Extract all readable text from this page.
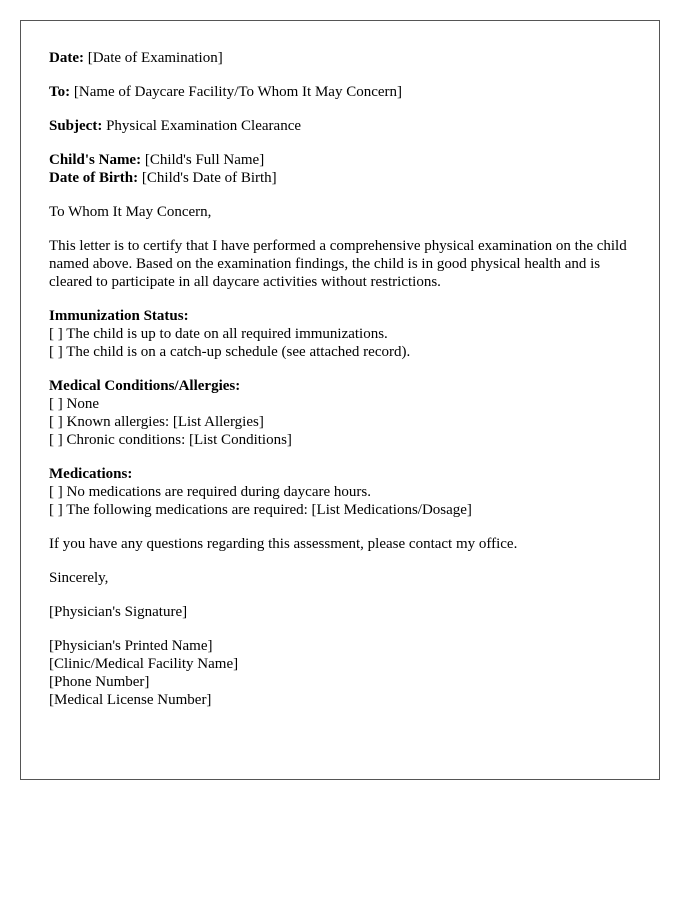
Date: [Date of Examination]
To: [Name of Daycare Facility/To Whom It May Concern]
Subject: Physical Examination Clearance
Child's Name: [Child's Full Name]
Date of Birth: [Child's Date of Birth]
To Whom It May Concern,
This letter is to certify that I have performed a comprehensive physical examination on the child named above. Based on the examination findings, the child is in good physical health and is cleared to participate in all daycare activities without restrictions.
Immunization Status:
[ ] The child is up to date on all required immunizations.
[ ] The child is on a catch-up schedule (see attached record).
Medical Conditions/Allergies:
[ ] None
[ ] Known allergies: [List Allergies]
[ ] Chronic conditions: [List Conditions]
Medications:
[ ] No medications are required during daycare hours.
[ ] The following medications are required: [List Medications/Dosage]
If you have any questions regarding this assessment, please contact my office.
Sincerely,
[Physician's Signature]
[Physician's Printed Name]
[Clinic/Medical Facility Name]
[Phone Number]
[Medical License Number]
